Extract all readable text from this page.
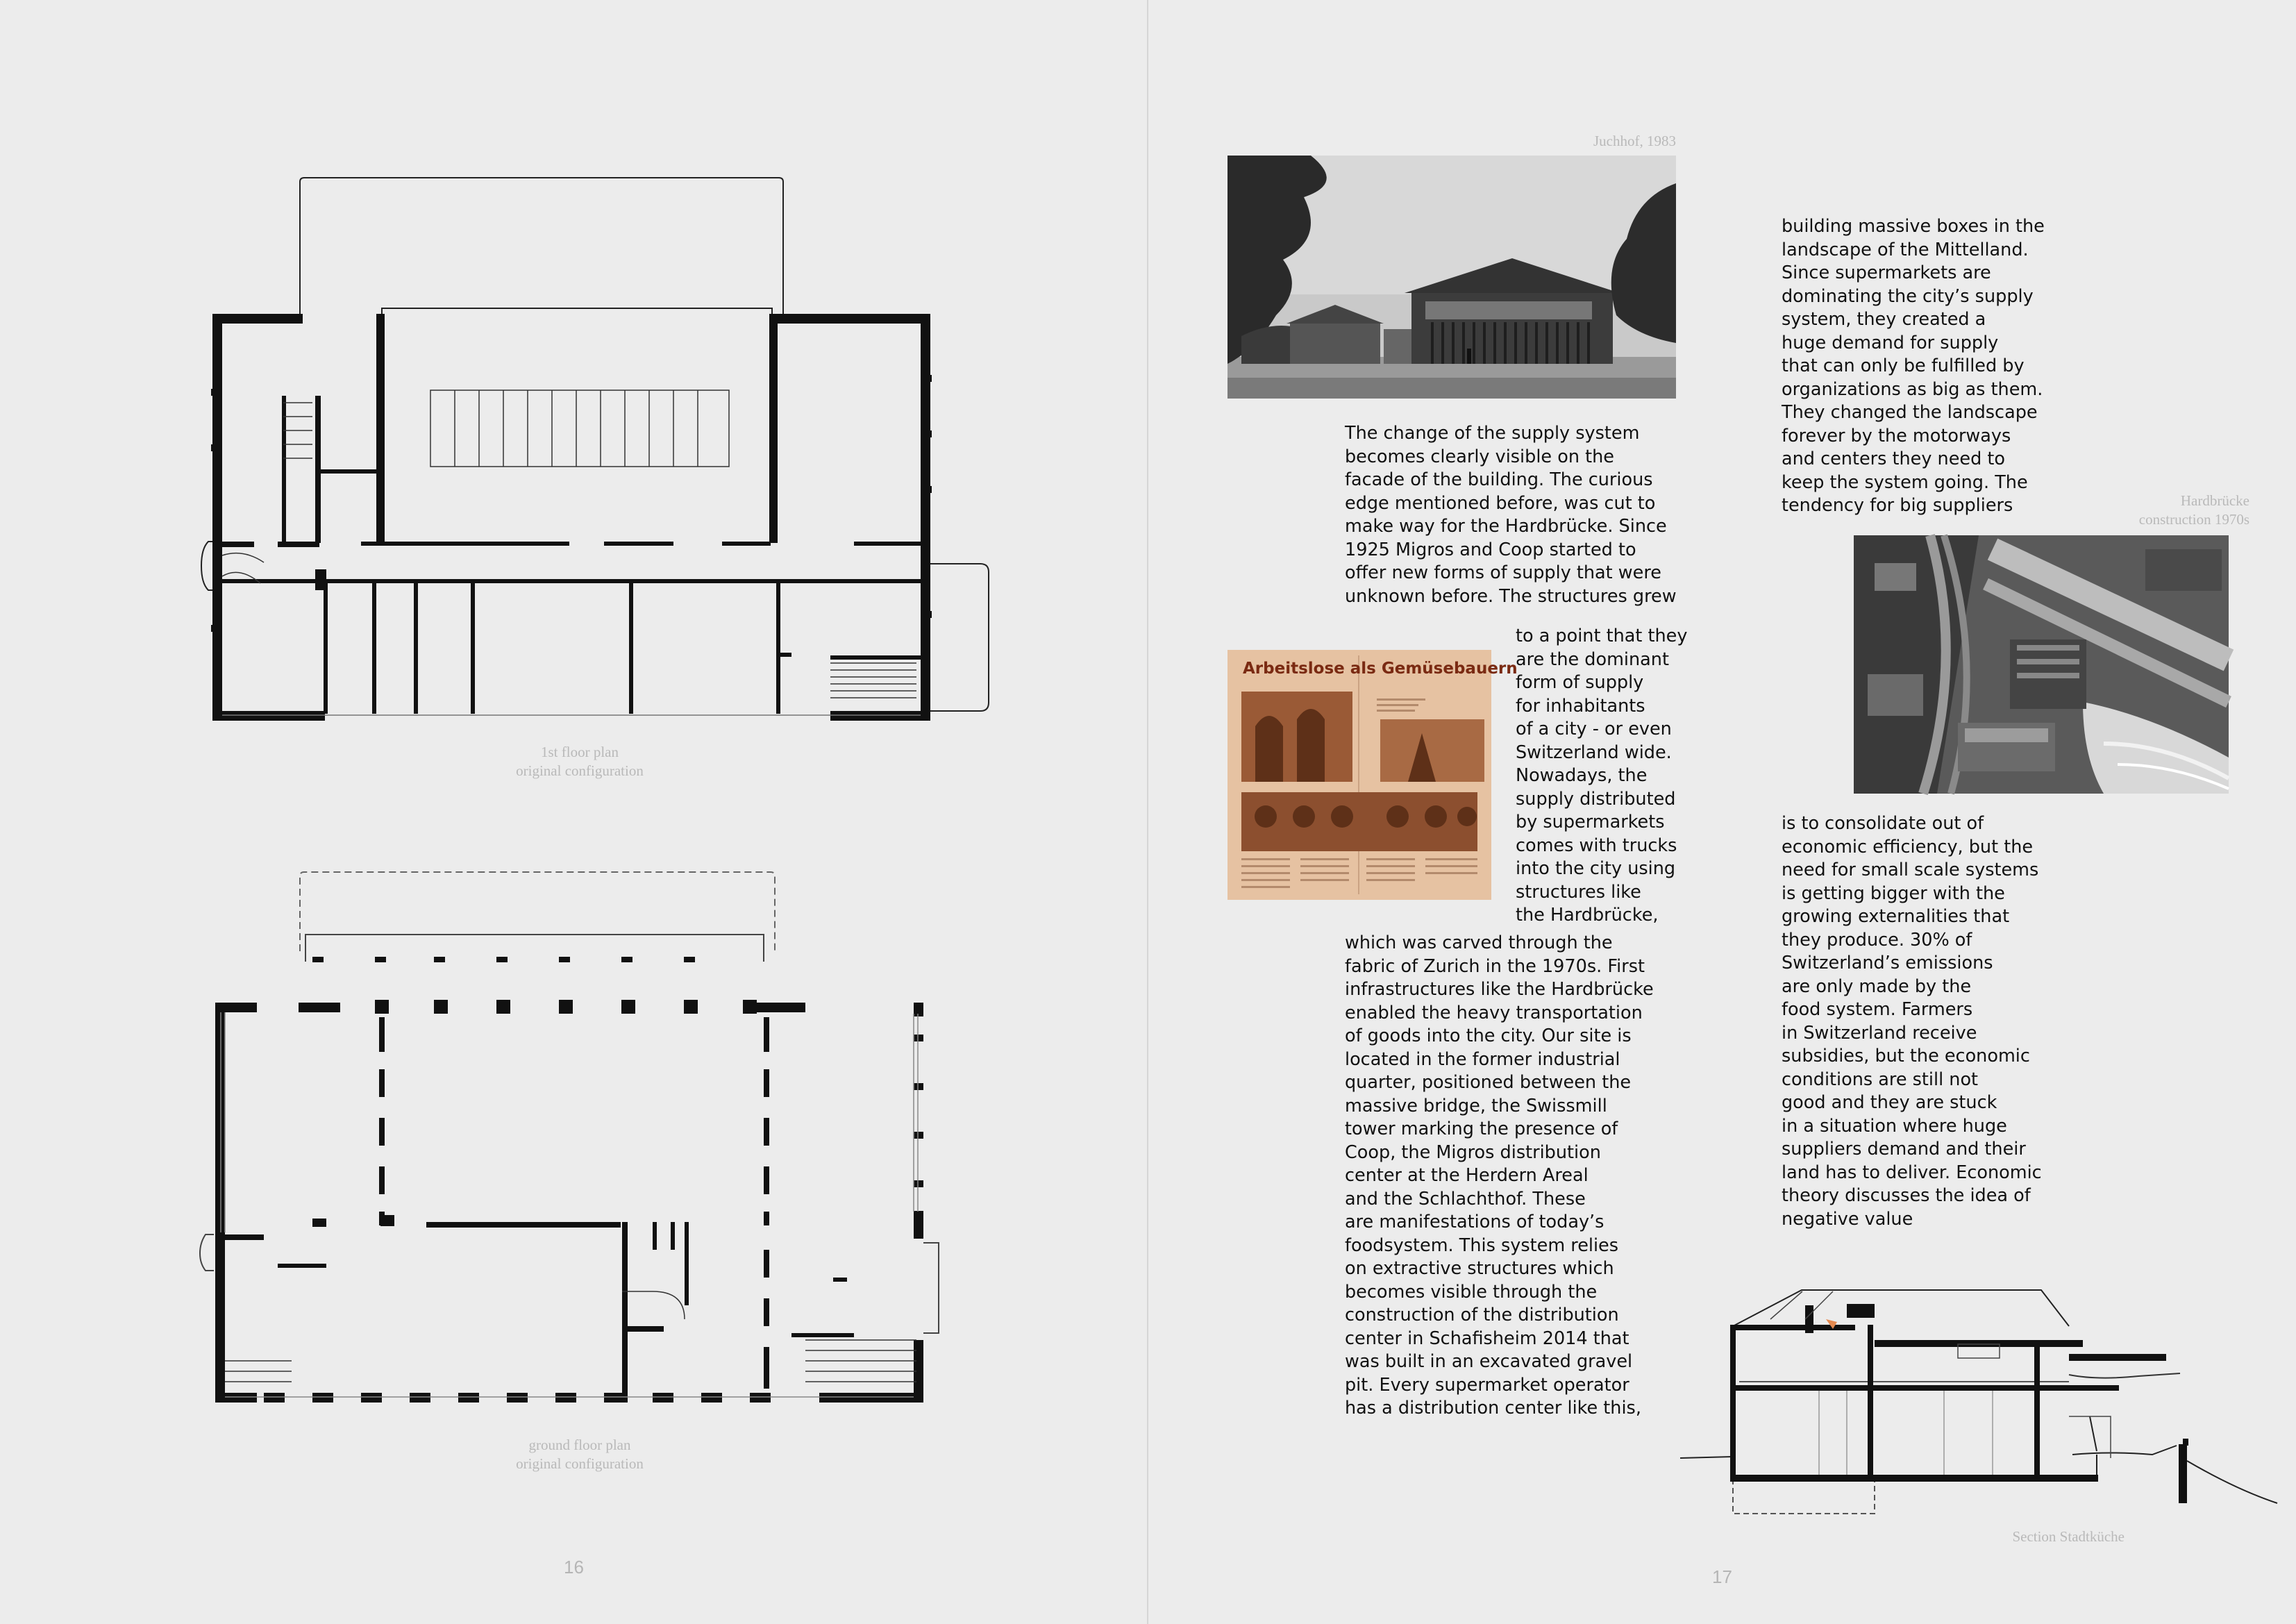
1st floor plan
original configuration
ground floor plan
original configuration
16
Juchhof, 1983
The change of the supply system
becomes clearly visible on the
facade of the building. The curious
edge mentioned before, was cut to
make way for the Hardbrücke. Since
1925 Migros and Coop started to
offer new forms of supply that were
unknown before. The structures grew
Arbeitslose als Gemüsebauern
to a point that they
are the dominant
form of supply
for inhabitants
of a city - or even
Switzerland wide.
Nowadays, the
supply distributed
by supermarkets
comes with trucks
into the city using
structures like
the Hardbrücke,
which was carved through the
fabric of Zurich in the 1970s. First
infrastructures like the Hardbrücke
enabled the heavy transportation
of goods into the city. Our site is
located in the former industrial
quarter, positioned between the
massive bridge, the Swissmill
tower marking the presence of
Coop, the Migros distribution
center at the Herdern Areal
and the Schlachthof. These
are manifestations of today’s
foodsystem. This system relies
on extractive structures which
becomes visible through the
construction of the distribution
center in Schafisheim 2014 that
was built in an excavated gravel
pit. Every supermarket operator
has a distribution center like this,
building massive boxes in the
landscape of the Mittelland.
Since supermarkets are
dominating the city’s supply
system, they created a
huge demand for supply
that can only be fulfilled by
organizations as big as them.
They changed the landscape
forever by the motorways
and centers they need to
keep the system going. The
tendency for big suppliers	Hardbrücke
construction 1970s
is to consolidate out of
economic efficiency, but the
need for small scale systems
is getting bigger with the
growing externalities that
they produce. 30% of
Switzerland’s emissions
are only made by the
food system. Farmers
in Switzerland receive
subsidies, but the economic
conditions are still not
good and they are stuck
in a situation where huge
suppliers demand and their
land has to deliver. Economic
theory discusses the idea of
negative value
Section Stadtküche
17
